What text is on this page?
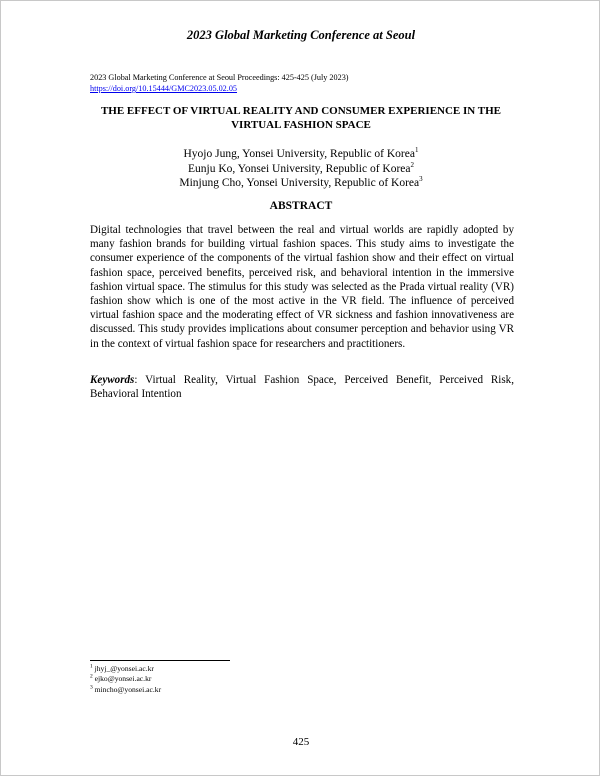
2023 Global Marketing Conference at Seoul
2023 Global Marketing Conference at Seoul Proceedings: 425-425 (July 2023)
https://doi.org/10.15444/GMC2023.05.02.05
THE EFFECT OF VIRTUAL REALITY AND CONSUMER EXPERIENCE IN THE VIRTUAL FASHION SPACE
Hyojo Jung, Yonsei University, Republic of Korea$^1$
Eunju Ko, Yonsei University, Republic of Korea$^2$
Minjung Cho, Yonsei University, Republic of Korea$^3$
ABSTRACT

Digital technologies that travel between the real and virtual worlds are rapidly adopted by many fashion brands for building virtual fashion spaces. This study aims to investigate the consumer experience of the components of the virtual fashion show and their effect on virtual fashion space, perceived benefits, perceived risk, and behavioral intention in the immersive fashion virtual space. The stimulus for this study was selected as the Prada virtual reality (VR) fashion show which is one of the most active in the VR field. The influence of perceived virtual fashion space and the moderating effect of VR sickness and fashion innovativeness are discussed. This study provides implications about consumer perception and behavior using VR in the context of virtual fashion space for researchers and practitioners.

Keywords: Virtual Reality, Virtual Fashion Space, Perceived Benefit, Perceived Risk, Behavioral Intention

$^1$ jhyj_@yonsei.ac.kr
$^2$ ejko@yonsei.ac.kr
$^3$ mincho@yonsei.ac.kr
425
